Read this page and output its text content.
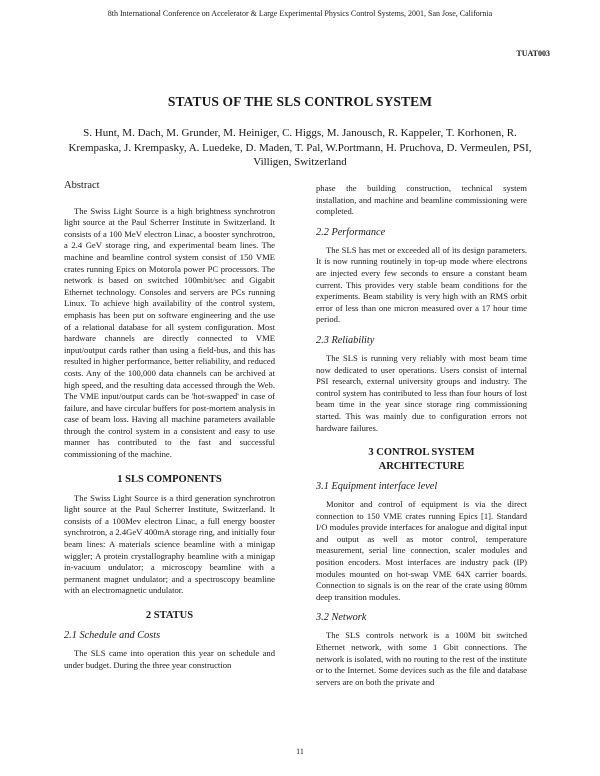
8th International Conference on Accelerator & Large Experimental Physics Control Systems, 2001, San Jose, California
TUAT003
STATUS OF THE SLS CONTROL SYSTEM
S. Hunt, M. Dach, M. Grunder, M. Heiniger, C. Higgs, M. Janousch, R. Kappeler, T. Korhonen, R. Krempaska, J. Krempasky, A. Luedeke, D. Maden, T. Pal, W.Portmann, H. Pruchova, D. Vermeulen, PSI, Villigen, Switzerland
Abstract

The Swiss Light Source is a high brightness synchrotron light source at the Paul Scherrer Institute in Switzerland. It consists of a 100 MeV electron Linac, a booster synchrotron, a 2.4 GeV storage ring, and experimental beam lines. The machine and beamline control system consist of 150 VME crates running Epics on Motorola power PC processors. The network is based on switched 100mbit/sec and Gigabit Ethernet technology. Consoles and servers are PCs running Linux. To achieve high availability of the control system, emphasis has been put on software engineering and the use of a relational database for all system configuration. Most hardware channels are directly connected to VME input/output cards rather than using a field-bus, and this has resulted in higher performance, better reliability, and reduced costs. Any of the 100,000 data channels can be archived at high speed, and the resulting data accessed through the Web. The VME input/output cards can be 'hot-swapped' in case of failure, and have circular buffers for post-mortem analysis in case of beam loss. Having all machine parameters available through the control system in a consistent and easy to use manner has contributed to the fast and successful commissioning of the machine.

1 SLS COMPONENTS

The Swiss Light Source is a third generation synchrotron light source at the Paul Scherrer Institute, Switzerland. It consists of a 100Mev electron Linac, a full energy booster synchrotron, a 2.4GeV 400mA storage ring, and initially four beam lines: A materials science beamline with a minigap wiggler; A protein crystallography beamline with a minigap in-vacuum undulator; a microscopy beamline with a permanent magnet undulator; and a spectroscopy beamline with an electromagnetic undulator.

2 STATUS
2.1 Schedule and Costs

The SLS came into operation this year on schedule and under budget. During the three year construction

phase the building construction, technical system installation, and machine and beamline commissioning were completed.

2.2 Performance

The SLS has met or exceeded all of its design parameters. It is now running routinely in top-up mode where electrons are injected every few seconds to ensure a constant beam current. This provides very stable beam conditions for the experiments. Beam stability is very high with an RMS orbit error of less than one micron measured over a 17 hour time period.

2.3 Reliability

The SLS is running very reliably with most beam time now dedicated to user operations. Users consist of internal PSI research, external university groups and industry. The control system has contributed to less than four hours of lost beam time in the year since storage ring commissioning started. This was mainly due to configuration errors not hardware failures.

3 CONTROL SYSTEM
ARCHITECTURE
3.1 Equipment interface level

Monitor and control of equipment is via the direct connection to 150 VME crates running Epics [1]. Standard I/O modules provide interfaces for analogue and digital input and output as well as motor control, temperature measurement, serial line connection, scaler modules and position encoders. Most interfaces are industry pack (IP) modules mounted on hot-swap VME 64X carrier boards. Connection to signals is on the rear of the crate using 80mm deep transition modules.

3.2 Network

The SLS controls network is a 100M bit switched Ethernet network, with some 1 Gbit connections. The network is isolated, with no routing to the rest of the institute or to the Internet. Some devices such as the file and database servers are on both the private and

11
